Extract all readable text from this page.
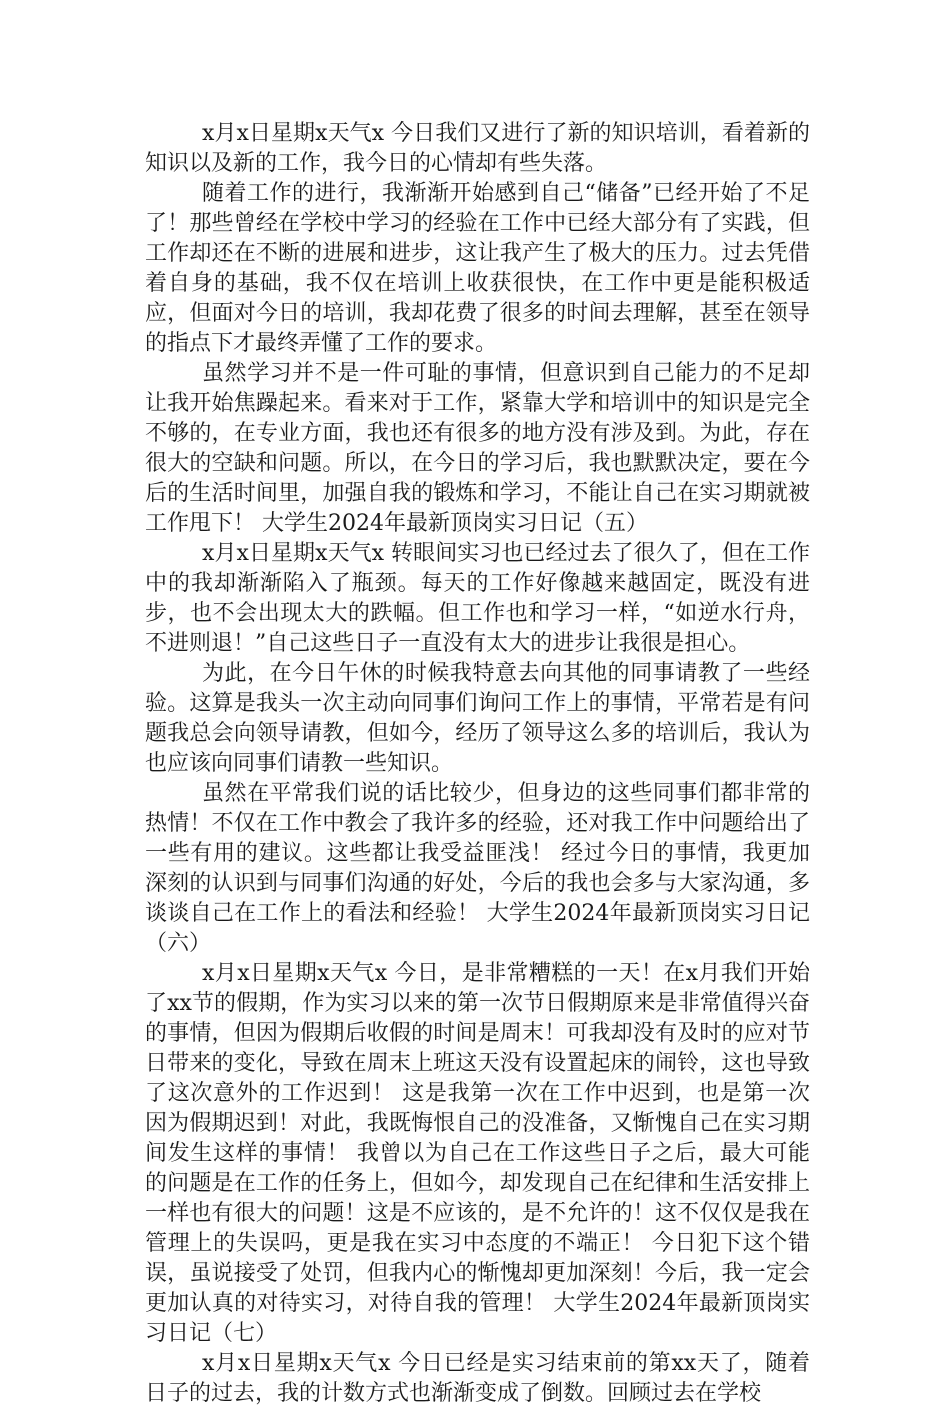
x月x日星期x天气x 今日我们又进行了新的知识培训，看着新的知识以及新的工作，我今日的心情却有些失落。

随着工作的进行，我渐渐开始感到自己“储备”已经开始了不足了！那些曾经在学校中学习的经验在工作中已经大部分有了实践，但工作却还在不断的进展和进步，这让我产生了极大的压力。过去凭借着自身的基础，我不仅在培训上收获很快，在工作中更是能积极适应，但面对今日的培训，我却花费了很多的时间去理解，甚至在领导的指点下才最终弄懂了工作的要求。

虽然学习并不是一件可耻的事情，但意识到自己能力的不足却让我开始焦躁起来。看来对于工作，紧靠大学和培训中的知识是完全不够的，在专业方面，我也还有很多的地方没有涉及到。为此，存在很大的空缺和问题。所以，在今日的学习后，我也默默决定，要在今后的生活时间里，加强自我的锻炼和学习，不能让自己在实习期就被工作甩下！ 大学生2024年最新顶岗实习日记（五）

x月x日星期x天气x 转眼间实习也已经过去了很久了，但在工作中的我却渐渐陷入了瓶颈。每天的工作好像越来越固定，既没有进步，也不会出现太大的跌幅。但工作也和学习一样，“如逆水行舟，不进则退！”自己这些日子一直没有太大的进步让我很是担心。

为此，在今日午休的时候我特意去向其他的同事请教了一些经验。这算是我头一次主动向同事们询问工作上的事情，平常若是有问题我总会向领导请教，但如今，经历了领导这么多的培训后，我认为也应该向同事们请教一些知识。

虽然在平常我们说的话比较少，但身边的这些同事们都非常的热情！不仅在工作中教会了我许多的经验，还对我工作中问题给出了一些有用的建议。这些都让我受益匪浅！ 经过今日的事情，我更加深刻的认识到与同事们沟通的好处，今后的我也会多与大家沟通，多谈谈自己在工作上的看法和经验！ 大学生2024年最新顶岗实习日记（六）

x月x日星期x天气x 今日，是非常糟糕的一天！在x月我们开始了xx节的假期，作为实习以来的第一次节日假期原来是非常值得兴奋的事情，但因为假期后收假的时间是周末！可我却没有及时的应对节日带来的变化，导致在周末上班这天没有设置起床的闹铃，这也导致了这次意外的工作迟到！ 这是我第一次在工作中迟到，也是第一次因为假期迟到！对此，我既悔恨自己的没准备，又惭愧自己在实习期间发生这样的事情！ 我曾以为自己在工作这些日子之后，最大可能的问题是在工作的任务上，但如今，却发现自己在纪律和生活安排上一样也有很大的问题！这是不应该的，是不允许的！这不仅仅是我在管理上的失误吗，更是我在实习中态度的不端正！ 今日犯下这个错误，虽说接受了处罚，但我内心的惭愧却更加深刻！今后，我一定会更加认真的对待实习，对待自我的管理！ 大学生2024年最新顶岗实习日记（七）

x月x日星期x天气x 今日已经是实习结束前的第xx天了，随着日子的过去，我的计数方式也渐渐变成了倒数。回顾过去在学校
